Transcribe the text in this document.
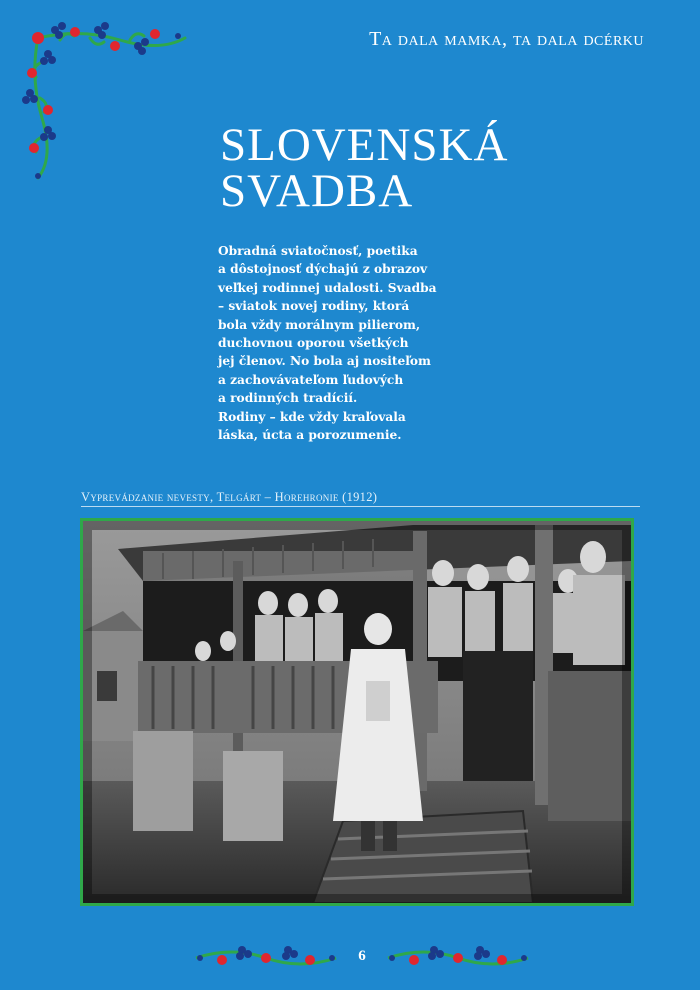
Ta dala mamka, ta dala dcérku
SLOVENSKÁ
SVADBA
Obradná sviatočnosť, poetika
a dôstojnosť dýchajú z obrazov
veľkej rodinnej udalosti. Svadba
– sviatok novej rodiny, ktorá
bola vždy morálnym pilierom,
duchovnou oporou všetkých
jej členov. No bola aj nositeľom
a zachovávateľom ľudových
a rodinných tradícií.
Rodiny – kde vždy kraľovala
láska, úcta a porozumenie.
Vyprevádzanie nevesty, Telgárt – Horehronie (1912)
6
